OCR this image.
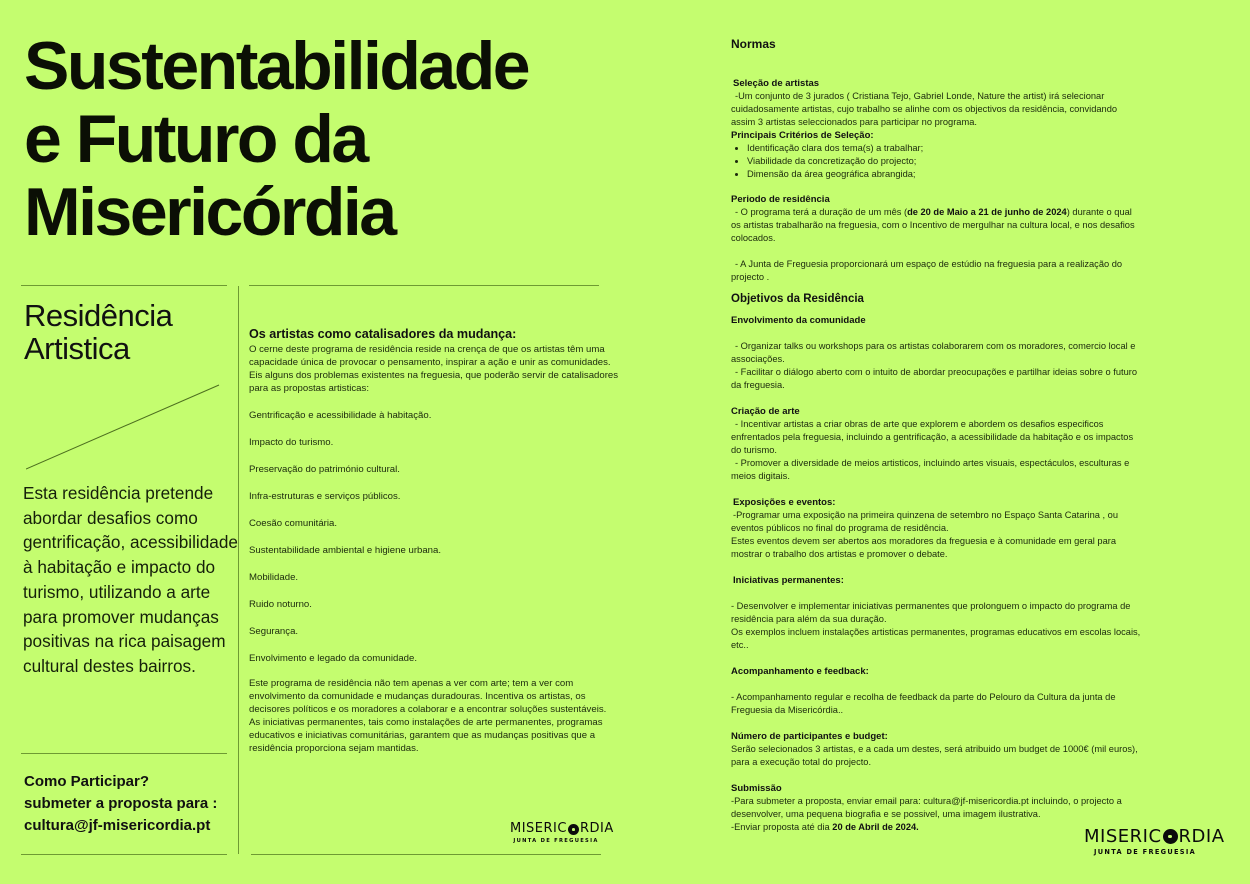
Sustentabilidade
e Futuro da
Misericórdia
Residência
Artistica
Esta residência pretende abordar desafios como gentrificação, acessibilidade à habitação e impacto do turismo, utilizando a arte para promover mudanças positivas na rica paisagem cultural destes bairros.
Como Participar?
submeter a proposta para :
cultura@jf-misericordia.pt
Os artistas como catalisadores da mudança:

O cerne deste programa de residência reside na crença de que os artistas têm uma capacidade única de provocar o pensamento, inspirar a ação e unir as comunidades. Eis alguns dos problemas existentes na freguesia, que poderão servir de catalisadores para as propostas artisticas:

Gentrificação e acessibilidade à habitação.

Impacto do turismo.

Preservação do património cultural.

Infra-estruturas e serviços públicos.

Coesão comunitária.

Sustentabilidade ambiental e higiene urbana.

Mobilidade.

Ruido noturno.

Segurança.

Envolvimento e legado da comunidade.

Este programa de residência não tem apenas a ver com arte; tem a ver com envolvimento da comunidade e mudanças duradouras. Incentiva os artistas, os decisores políticos e os moradores a colaborar e a encontrar soluções sustentáveis. As iniciativas permanentes, tais como instalações de arte permanentes, programas educativos e iniciativas comunitárias, garantem que as mudanças positivas que a residência proporciona sejam mantidas.

MISERIC RDIA
JUNTA DE FREGUESIA
Normas
Seleção de artistas

-Um conjunto de 3 jurados ( Cristiana Tejo, Gabriel Londe, Nature the artist) irá selecionar cuidadosamente artistas, cujo trabalho se alinhe com os objectivos da residência, convidando assim 3 artistas seleccionados para participar no programa.

Principais Critérios de Seleção:
• Identificação clara dos tema(s) a trabalhar;
• Viabilidade da concretização do projecto;
• Dimensão da área geográfica abrangida;
Periodo de residência

- O programa terá a duração de um mês (de 20 de Maio a 21 de junho de 2024) durante o qual os artistas trabalharão na freguesia, com o Incentivo de mergulhar na cultura local, e nos desafios colocados.

- A Junta de Freguesia proporcionará um espaço de estúdio na freguesia para a realização do projecto .

Objetivos da Residência
Envolvimento da comunidade

- Organizar talks ou workshops para os artistas colaborarem com os moradores, comercio local e associações.

- Facilitar o diálogo aberto com o intuito de abordar preocupações e partilhar ideias sobre o futuro da freguesia.

Criação de arte

- Incentivar artistas a criar obras de arte que explorem e abordem os desafios especificos enfrentados pela freguesia, incluindo a gentrificação, a acessibilidade da habitação e os impactos do turismo.

- Promover a diversidade de meios artisticos, incluindo artes visuais, espectáculos, esculturas e meios digitais.

Exposições e eventos:

-Programar uma exposição na primeira quinzena de setembro no Espaço Santa Catarina , ou eventos públicos no final do programa de residência.

Estes eventos devem ser abertos aos moradores da freguesia e à comunidade em geral para mostrar o trabalho dos artistas e promover o debate.

Iniciativas permanentes:

- Desenvolver e implementar iniciativas permanentes que prolonguem o impacto do programa de residência para além da sua duração.

Os exemplos incluem instalações artisticas permanentes, programas educativos em escolas locais, etc..

Acompanhamento e feedback:

- Acompanhamento regular e recolha de feedback da parte do Pelouro da Cultura da junta de Freguesia da Misericórdia..

Número de participantes e budget:

Serão selecionados 3 artistas, e a cada um destes, será atribuido um budget de 1000€ (mil euros), para a execução total do projecto.

Submissão

-Para submeter a proposta, enviar email para: cultura@jf-misericordia.pt incluindo, o projecto a desenvolver, uma pequena biografia e se possivel, uma imagem ilustrativa.

-Enviar proposta até dia 20 de Abril de 2024.	MISERIC RDIA
JUNTA DE FREGUESIA
